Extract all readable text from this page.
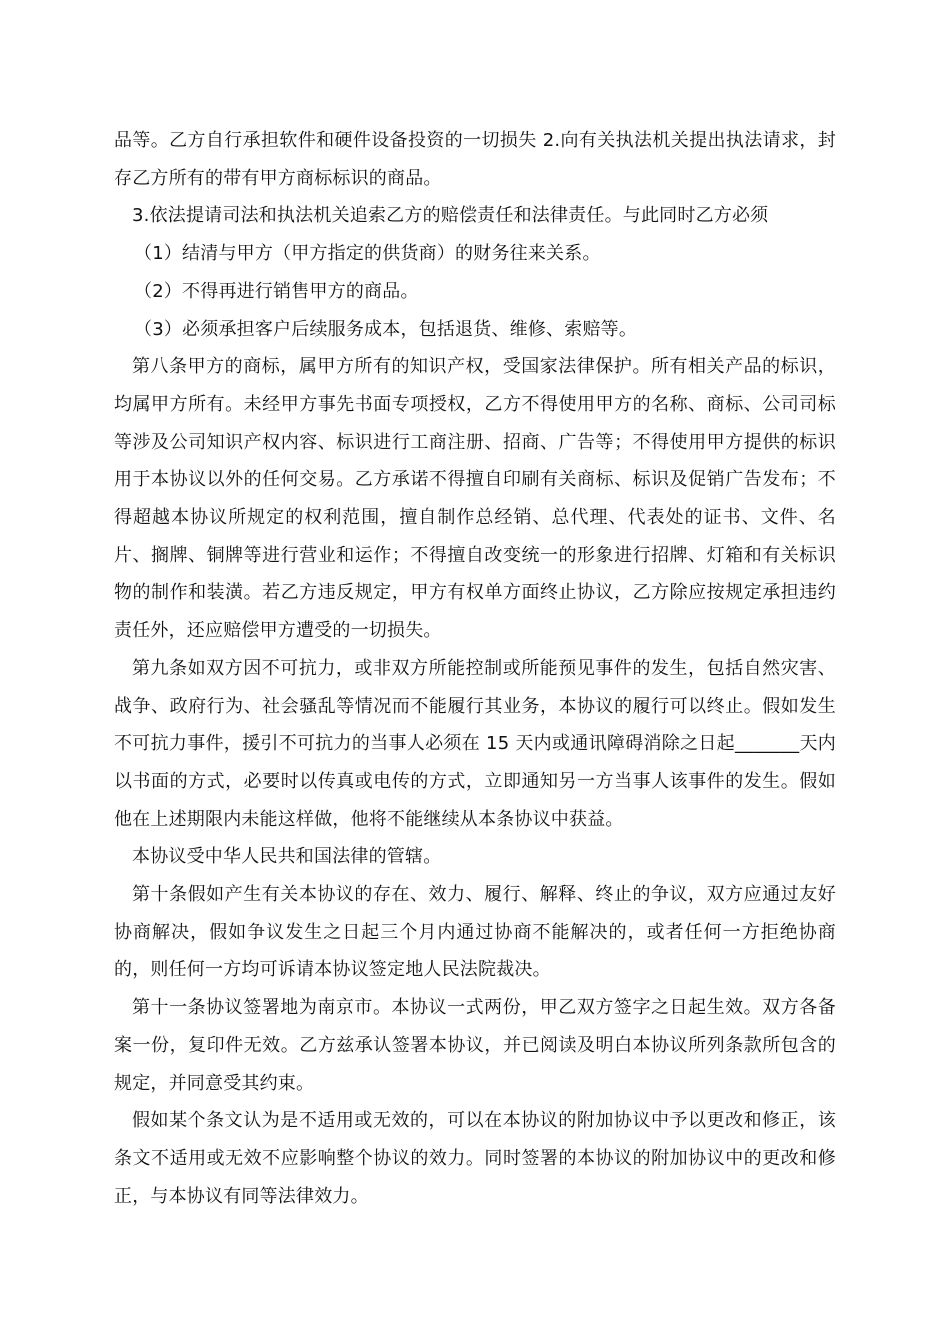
品等。乙方自行承担软件和硬件设备投资的一切损失 2.向有关执法机关提出执法请求，封存乙方所有的带有甲方商标标识的商品。

3.依法提请司法和执法机关追索乙方的赔偿责任和法律责任。与此同时乙方必须

（1）结清与甲方（甲方指定的供货商）的财务往来关系。

（2）不得再进行销售甲方的商品。

（3）必须承担客户后续服务成本，包括退货、维修、索赔等。

第八条甲方的商标，属甲方所有的知识产权，受国家法律保护。所有相关产品的标识，均属甲方所有。未经甲方事先书面专项授权，乙方不得使用甲方的名称、商标、公司司标等涉及公司知识产权内容、标识进行工商注册、招商、广告等；不得使用甲方提供的标识用于本协议以外的任何交易。乙方承诺不得擅自印刷有关商标、标识及促销广告发布；不得超越本协议所规定的权利范围，擅自制作总经销、总代理、代表处的证书、文件、名片、搁牌、铜牌等进行营业和运作；不得擅自改变统一的形象进行招牌、灯箱和有关标识物的制作和装潢。若乙方违反规定，甲方有权单方面终止协议，乙方除应按规定承担违约责任外，还应赔偿甲方遭受的一切损失。

第九条如双方因不可抗力，或非双方所能控制或所能预见事件的发生，包括自然灾害、战争、政府行为、社会骚乱等情况而不能履行其业务，本协议的履行可以终止。假如发生不可抗力事件，援引不可抗力的当事人必须在 15 天内或通讯障碍消除之日起_______天内以书面的方式，必要时以传真或电传的方式，立即通知另一方当事人该事件的发生。假如他在上述期限内未能这样做，他将不能继续从本条协议中获益。

本协议受中华人民共和国法律的管辖。

第十条假如产生有关本协议的存在、效力、履行、解释、终止的争议，双方应通过友好协商解决，假如争议发生之日起三个月内通过协商不能解决的，或者任何一方拒绝协商的，则任何一方均可诉请本协议签定地人民法院裁决。

第十一条协议签署地为南京市。本协议一式两份，甲乙双方签字之日起生效。双方各备案一份，复印件无效。乙方兹承认签署本协议，并已阅读及明白本协议所列条款所包含的规定，并同意受其约束。

假如某个条文认为是不适用或无效的，可以在本协议的附加协议中予以更改和修正，该条文不适用或无效不应影响整个协议的效力。同时签署的本协议的附加协议中的更改和修正，与本协议有同等法律效力。
